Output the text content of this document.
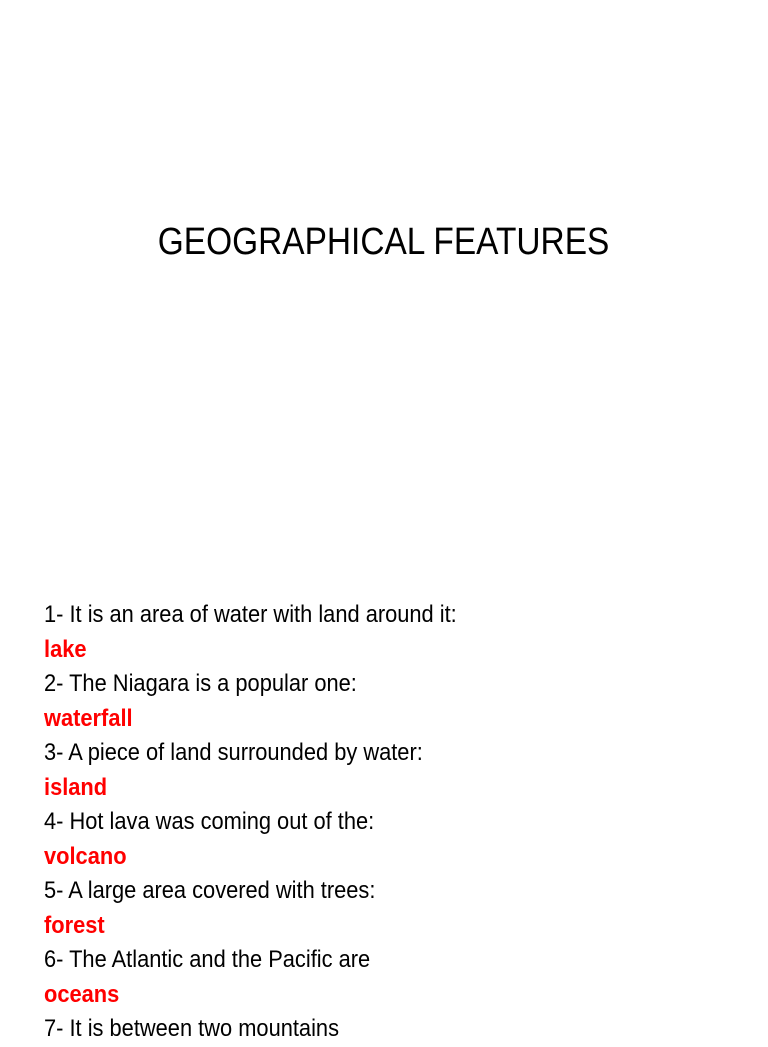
GEOGRAPHICAL FEATURES
1- It is an area of water with land around it:
lake
2- The Niagara is a popular one:
waterfall
3- A piece of land surrounded by water:
island
4- Hot lava was coming out of the:
volcano
5- A large area covered with trees:
forest
6- The Atlantic and the Pacific are
oceans
7- It is between two mountains
